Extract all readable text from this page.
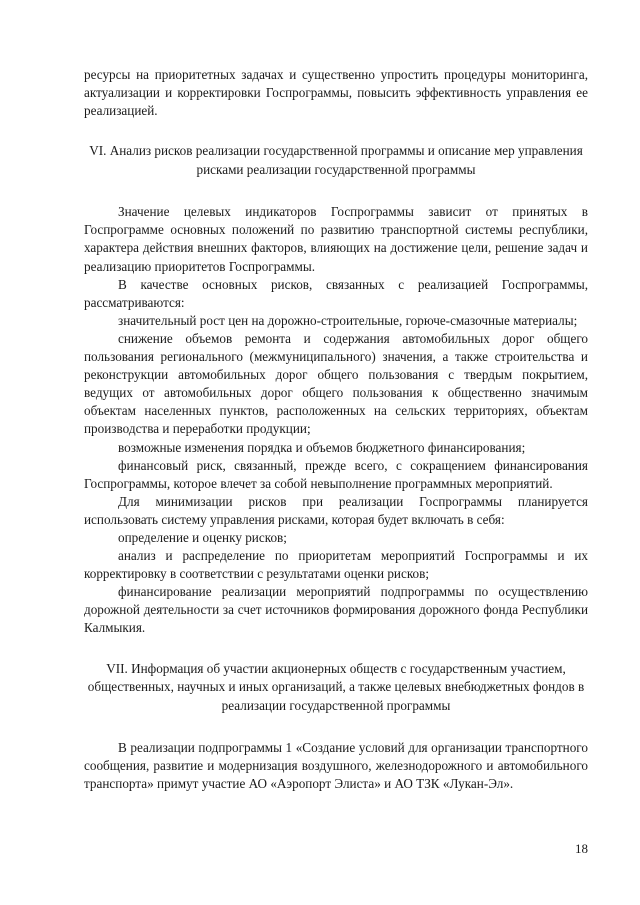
ресурсы на приоритетных задачах и существенно упростить процедуры мониторинга, актуализации и корректировки Госпрограммы, повысить эффективность управления ее реализацией.

VI. Анализ рисков реализации государственной программы и описание мер управления рисками реализации государственной программы

Значение целевых индикаторов Госпрограммы зависит от принятых в Госпрограмме основных положений по развитию транспортной системы республики, характера действия внешних факторов, влияющих на достижение цели, решение задач и реализацию приоритетов Госпрограммы.

В качестве основных рисков, связанных с реализацией Госпрограммы, рассматриваются:

значительный рост цен на дорожно-строительные, горюче-смазочные материалы;

снижение объемов ремонта и содержания автомобильных дорог общего пользования регионального (межмуниципального) значения, а также строительства и реконструкции автомобильных дорог общего пользования с твердым покрытием, ведущих от автомобильных дорог общего пользования к общественно значимым объектам населенных пунктов, расположенных на сельских территориях, объектам производства и переработки продукции;

возможные изменения порядка и объемов бюджетного финансирования;

финансовый риск, связанный, прежде всего, с сокращением финансирования Госпрограммы, которое влечет за собой невыполнение программных мероприятий.

Для минимизации рисков при реализации Госпрограммы планируется использовать систему управления рисками, которая будет включать в себя:

определение и оценку рисков;

анализ и распределение по приоритетам мероприятий Госпрограммы и их корректировку в соответствии с результатами оценки рисков;

финансирование реализации мероприятий подпрограммы по осуществлению дорожной деятельности за счет источников формирования дорожного фонда Республики Калмыкия.

VII. Информация об участии акционерных обществ с государственным участием, общественных, научных и иных организаций, а также целевых внебюджетных фондов в реализации государственной программы

В реализации подпрограммы 1 «Создание условий для организации транспортного сообщения, развитие и модернизация воздушного, железнодорожного и автомобильного транспорта» примут участие АО «Аэропорт Элиста» и АО ТЗК «Лукан-Эл».

18
